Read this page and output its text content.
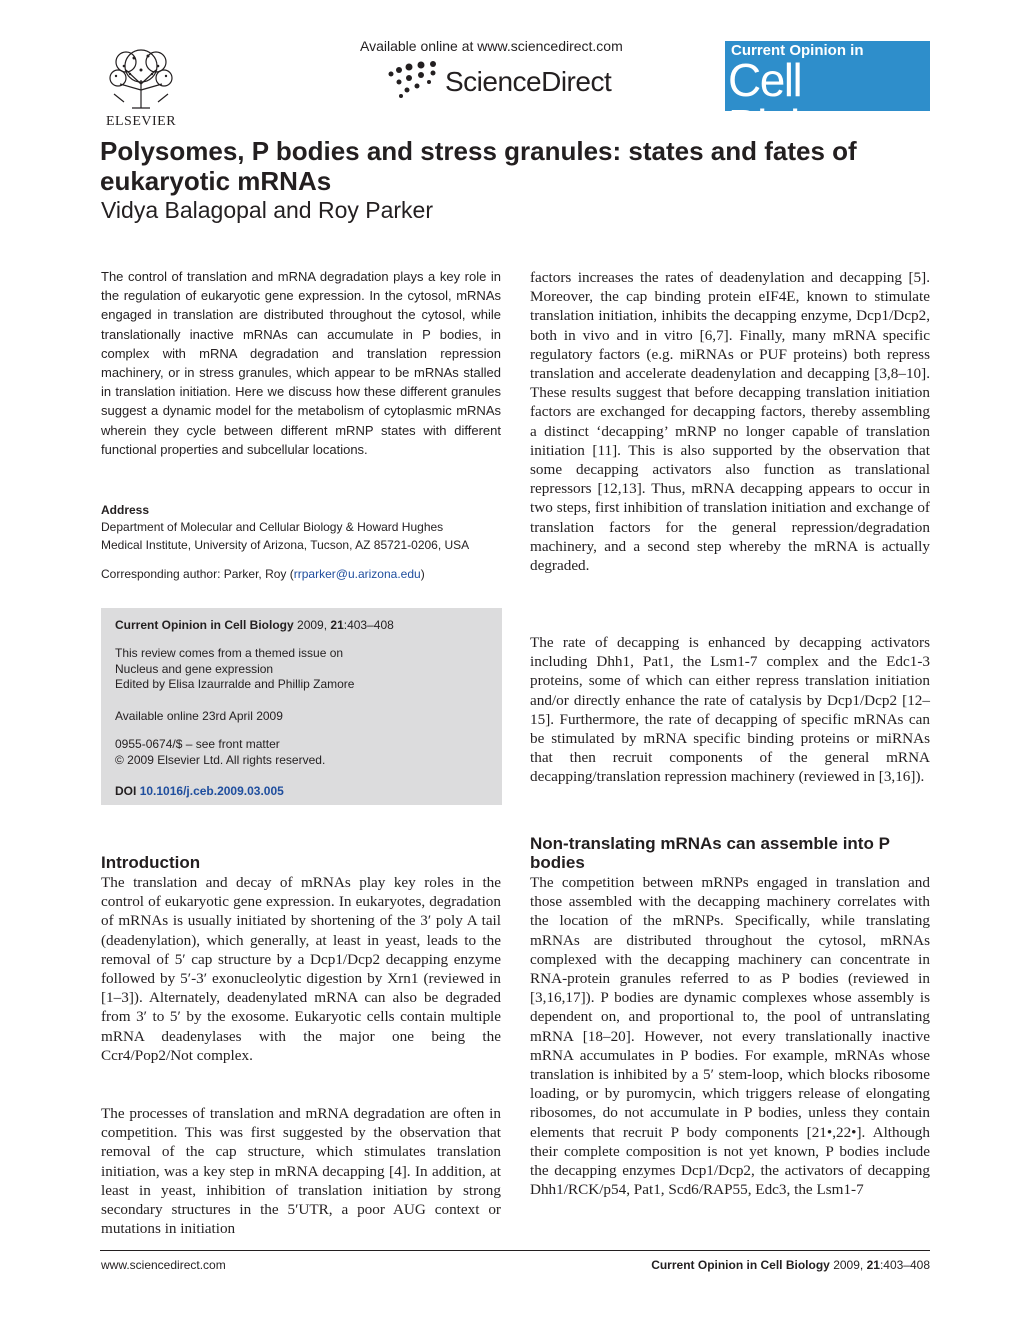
ELSEVIER
Available online at www.sciencedirect.com
ScienceDirect
Current Opinion in
Cell Biology
Polysomes, P bodies and stress granules: states and fates of eukaryotic mRNAs
Vidya Balagopal and Roy Parker

The control of translation and mRNA degradation plays a key role in the regulation of eukaryotic gene expression. In the cytosol, mRNAs engaged in translation are distributed throughout the cytosol, while translationally inactive mRNAs can accumulate in P bodies, in complex with mRNA degradation and translation repression machinery, or in stress granules, which appear to be mRNAs stalled in translation initiation. Here we discuss how these different granules suggest a dynamic model for the metabolism of cytoplasmic mRNAs wherein they cycle between different mRNP states with different functional properties and subcellular locations.

Address

Department of Molecular and Cellular Biology & Howard Hughes

Medical Institute, University of Arizona, Tucson, AZ 85721-0206, USA

Corresponding author: Parker, Roy (rrparker@u.arizona.edu)

Current Opinion in Cell Biology 2009, 21:403–408
This review comes from a themed issue on
Nucleus and gene expression
Edited by Elisa Izaurralde and Phillip Zamore
Available online 23rd April 2009
0955-0674/$ – see front matter
© 2009 Elsevier Ltd. All rights reserved.
DOI 10.1016/j.ceb.2009.03.005
Introduction

The translation and decay of mRNAs play key roles in the control of eukaryotic gene expression. In eukaryotes, degradation of mRNAs is usually initiated by shortening of the 3′ poly A tail (deadenylation), which generally, at least in yeast, leads to the removal of 5′ cap structure by a Dcp1/Dcp2 decapping enzyme followed by 5′-3′ exonucleolytic digestion by Xrn1 (reviewed in [1–3]). Alternately, deadenylated mRNA can also be degraded from 3′ to 5′ by the exosome. Eukaryotic cells contain multiple mRNA deadenylases with the major one being the Ccr4/Pop2/Not complex.

The processes of translation and mRNA degradation are often in competition. This was first suggested by the observation that removal of the cap structure, which stimulates translation initiation, was a key step in mRNA decapping [4]. In addition, at least in yeast, inhibition of translation initiation by strong secondary structures in the 5′UTR, a poor AUG context or mutations in initiation

factors increases the rates of deadenylation and decapping [5]. Moreover, the cap binding protein eIF4E, known to stimulate translation initiation, inhibits the decapping enzyme, Dcp1/Dcp2, both in vivo and in vitro [6,7]. Finally, many mRNA specific regulatory factors (e.g. miRNAs or PUF proteins) both repress translation and accelerate deadenylation and decapping [3,8–10]. These results suggest that before decapping translation initiation factors are exchanged for decapping factors, thereby assembling a distinct ‘decapping’ mRNP no longer capable of translation initiation [11]. This is also supported by the observation that some decapping activators also function as translational repressors [12,13]. Thus, mRNA decapping appears to occur in two steps, first inhibition of translation initiation and exchange of translation factors for the general repression/degradation machinery, and a second step whereby the mRNA is actually degraded.

The rate of decapping is enhanced by decapping activators including Dhh1, Pat1, the Lsm1-7 complex and the Edc1-3 proteins, some of which can either repress translation initiation and/or directly enhance the rate of catalysis by Dcp1/Dcp2 [12–15]. Furthermore, the rate of decapping of specific mRNAs can be stimulated by mRNA specific binding proteins or miRNAs that then recruit components of the general mRNA decapping/translation repression machinery (reviewed in [3,16]).

Non-translating mRNAs can assemble into P bodies

The competition between mRNPs engaged in translation and those assembled with the decapping machinery correlates with the location of the mRNPs. Specifically, while translating mRNAs are distributed throughout the cytosol, mRNAs complexed with the decapping machinery can concentrate in RNA-protein granules referred to as P bodies (reviewed in [3,16,17]). P bodies are dynamic complexes whose assembly is dependent on, and proportional to, the pool of untranslating mRNA [18–20]. However, not every translationally inactive mRNA accumulates in P bodies. For example, mRNAs whose translation is inhibited by a 5′ stem-loop, which blocks ribosome loading, or by puromycin, which triggers release of elongating ribosomes, do not accumulate in P bodies, unless they contain elements that recruit P body components [21•,22•]. Although their complete composition is not yet known, P bodies include the decapping enzymes Dcp1/Dcp2, the activators of decapping Dhh1/RCK/p54, Pat1, Scd6/RAP55, Edc3, the Lsm1-7

www.sciencedirect.com	Current Opinion in Cell Biology 2009, 21:403–408
